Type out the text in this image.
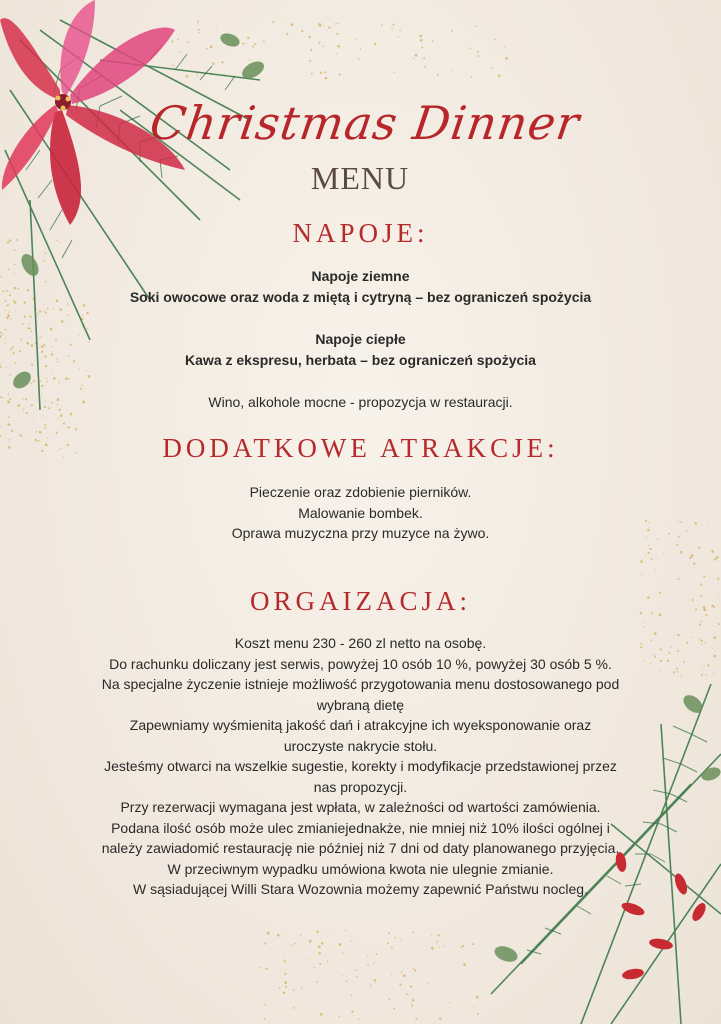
Christmas Dinner
MENU
NAPOJE:
Napoje ziemne
Soki owocowe oraz woda z miętą i cytryną – bez ograniczeń spożycia
Napoje ciepłe
Kawa z ekspresu, herbata – bez ograniczeń spożycia
Wino, alkohole mocne - propozycja w restauracji.
DODATKOWE ATRAKCJE:
Pieczenie oraz zdobienie pierników.
Malowanie bombek.
Oprawa muzyczna przy muzyce na żywo.
ORGAIZACJA:
Koszt menu 230 - 260 zl netto na osobę.
Do rachunku doliczany jest serwis, powyżej 10 osób 10 %, powyżej 30 osób 5 %.
Na specjalne życzenie istnieje możliwość przygotowania menu dostosowanego pod
wybraną dietę
Zapewniamy wyśmienitą jakość dań i atrakcyjne ich wyeksponowanie oraz
uroczyste nakrycie stołu.
Jesteśmy otwarci na wszelkie sugestie, korekty i modyfikacje przedstawionej przez
nas propozycji.
Przy rezerwacji wymagana jest wpłata, w zależności od wartości zamówienia.
Podana ilość osób może ulec zmianiejednakże, nie mniej niż 10% ilości ogólnej i
należy zawiadomić restaurację nie później niż 7 dni od daty planowanego przyjęcia.
W przeciwnym wypadku umówiona kwota nie ulegnie zmianie.
W sąsiadującej Willi Stara Wozownia możemy zapewnić Państwu nocleg.
